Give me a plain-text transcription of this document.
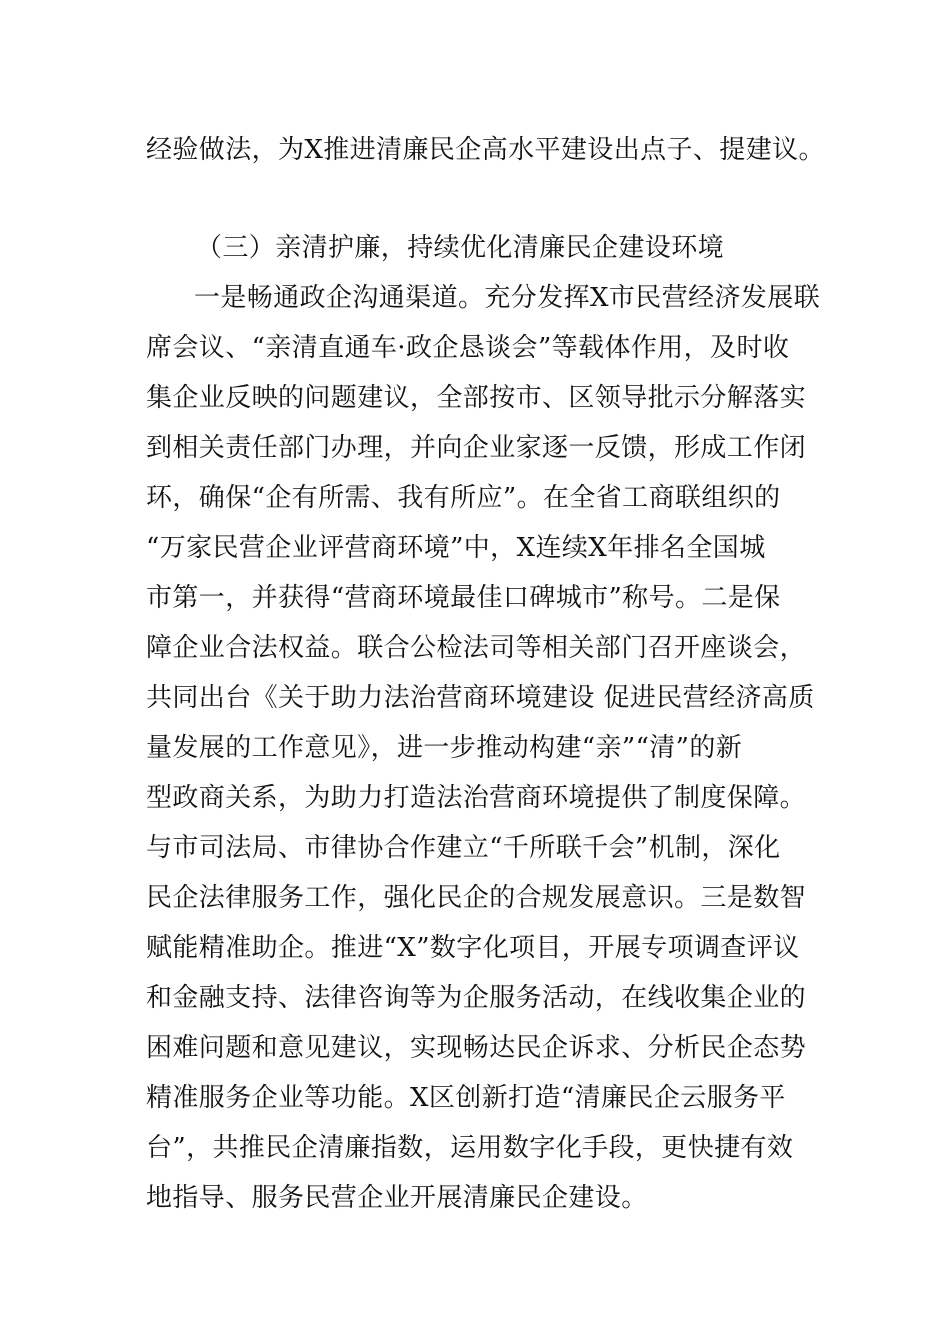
经验做法，为X推进清廉民企高水平建设出点子、提建议。
（三）亲清护廉，持续优化清廉民企建设环境
一是畅通政企沟通渠道。充分发挥X市民营经济发展联
席会议、“亲清直通车·政企恳谈会”等载体作用，及时收
集企业反映的问题建议，全部按市、区领导批示分解落实
到相关责任部门办理，并向企业家逐一反馈，形成工作闭
环，确保“企有所需、我有所应”。在全省工商联组织的
“万家民营企业评营商环境”中，X连续X年排名全国城
市第一，并获得“营商环境最佳口碑城市”称号。二是保
障企业合法权益。联合公检法司等相关部门召开座谈会，
共同出台《关于助力法治营商环境建设 促进民营经济高质
量发展的工作意见》，进一步推动构建“亲”“清”的新
型政商关系，为助力打造法治营商环境提供了制度保障。
与市司法局、市律协合作建立“千所联千会”机制，深化
民企法律服务工作，强化民企的合规发展意识。三是数智
赋能精准助企。推进“X”数字化项目，开展专项调查评议
和金融支持、法律咨询等为企服务活动，在线收集企业的
困难问题和意见建议，实现畅达民企诉求、分析民企态势
精准服务企业等功能。X区创新打造“清廉民企云服务平
台”，共推民企清廉指数，运用数字化手段，更快捷有效
地指导、服务民营企业开展清廉民企建设。
